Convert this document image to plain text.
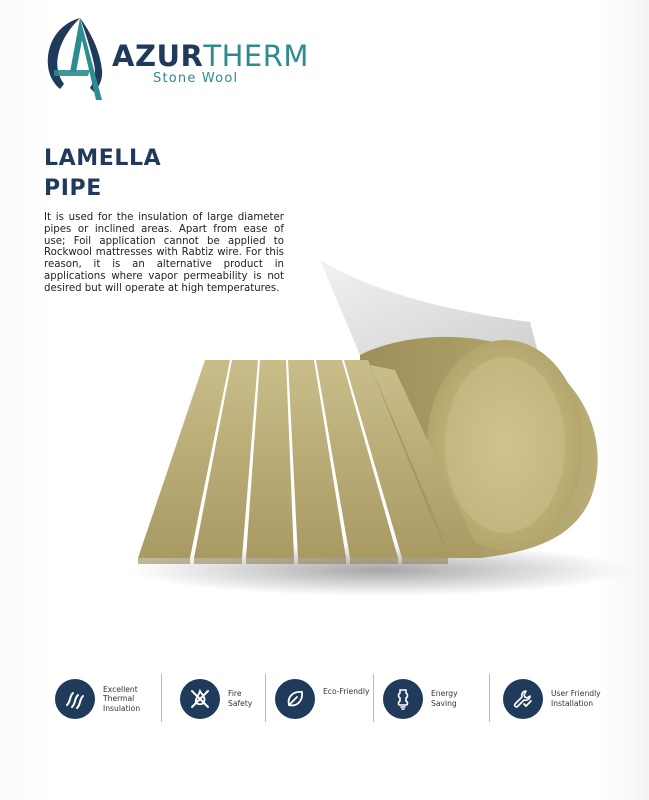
AZURTHERM
Stone Wool
LAMELLA
PIPE
It is used for the insulation of large diameter pipes or inclined areas. Apart from ease of use; Foil application cannot be applied to Rockwool mattresses with Rabtiz wire. For this reason, it is an alternative product in applications where vapor permeability is not desired but will operate at high temperatures.
Excellent
Thermal
Insulation
Fire
Safety
Eco-Friendly	Energy
Saving
User Friendly
Installation
